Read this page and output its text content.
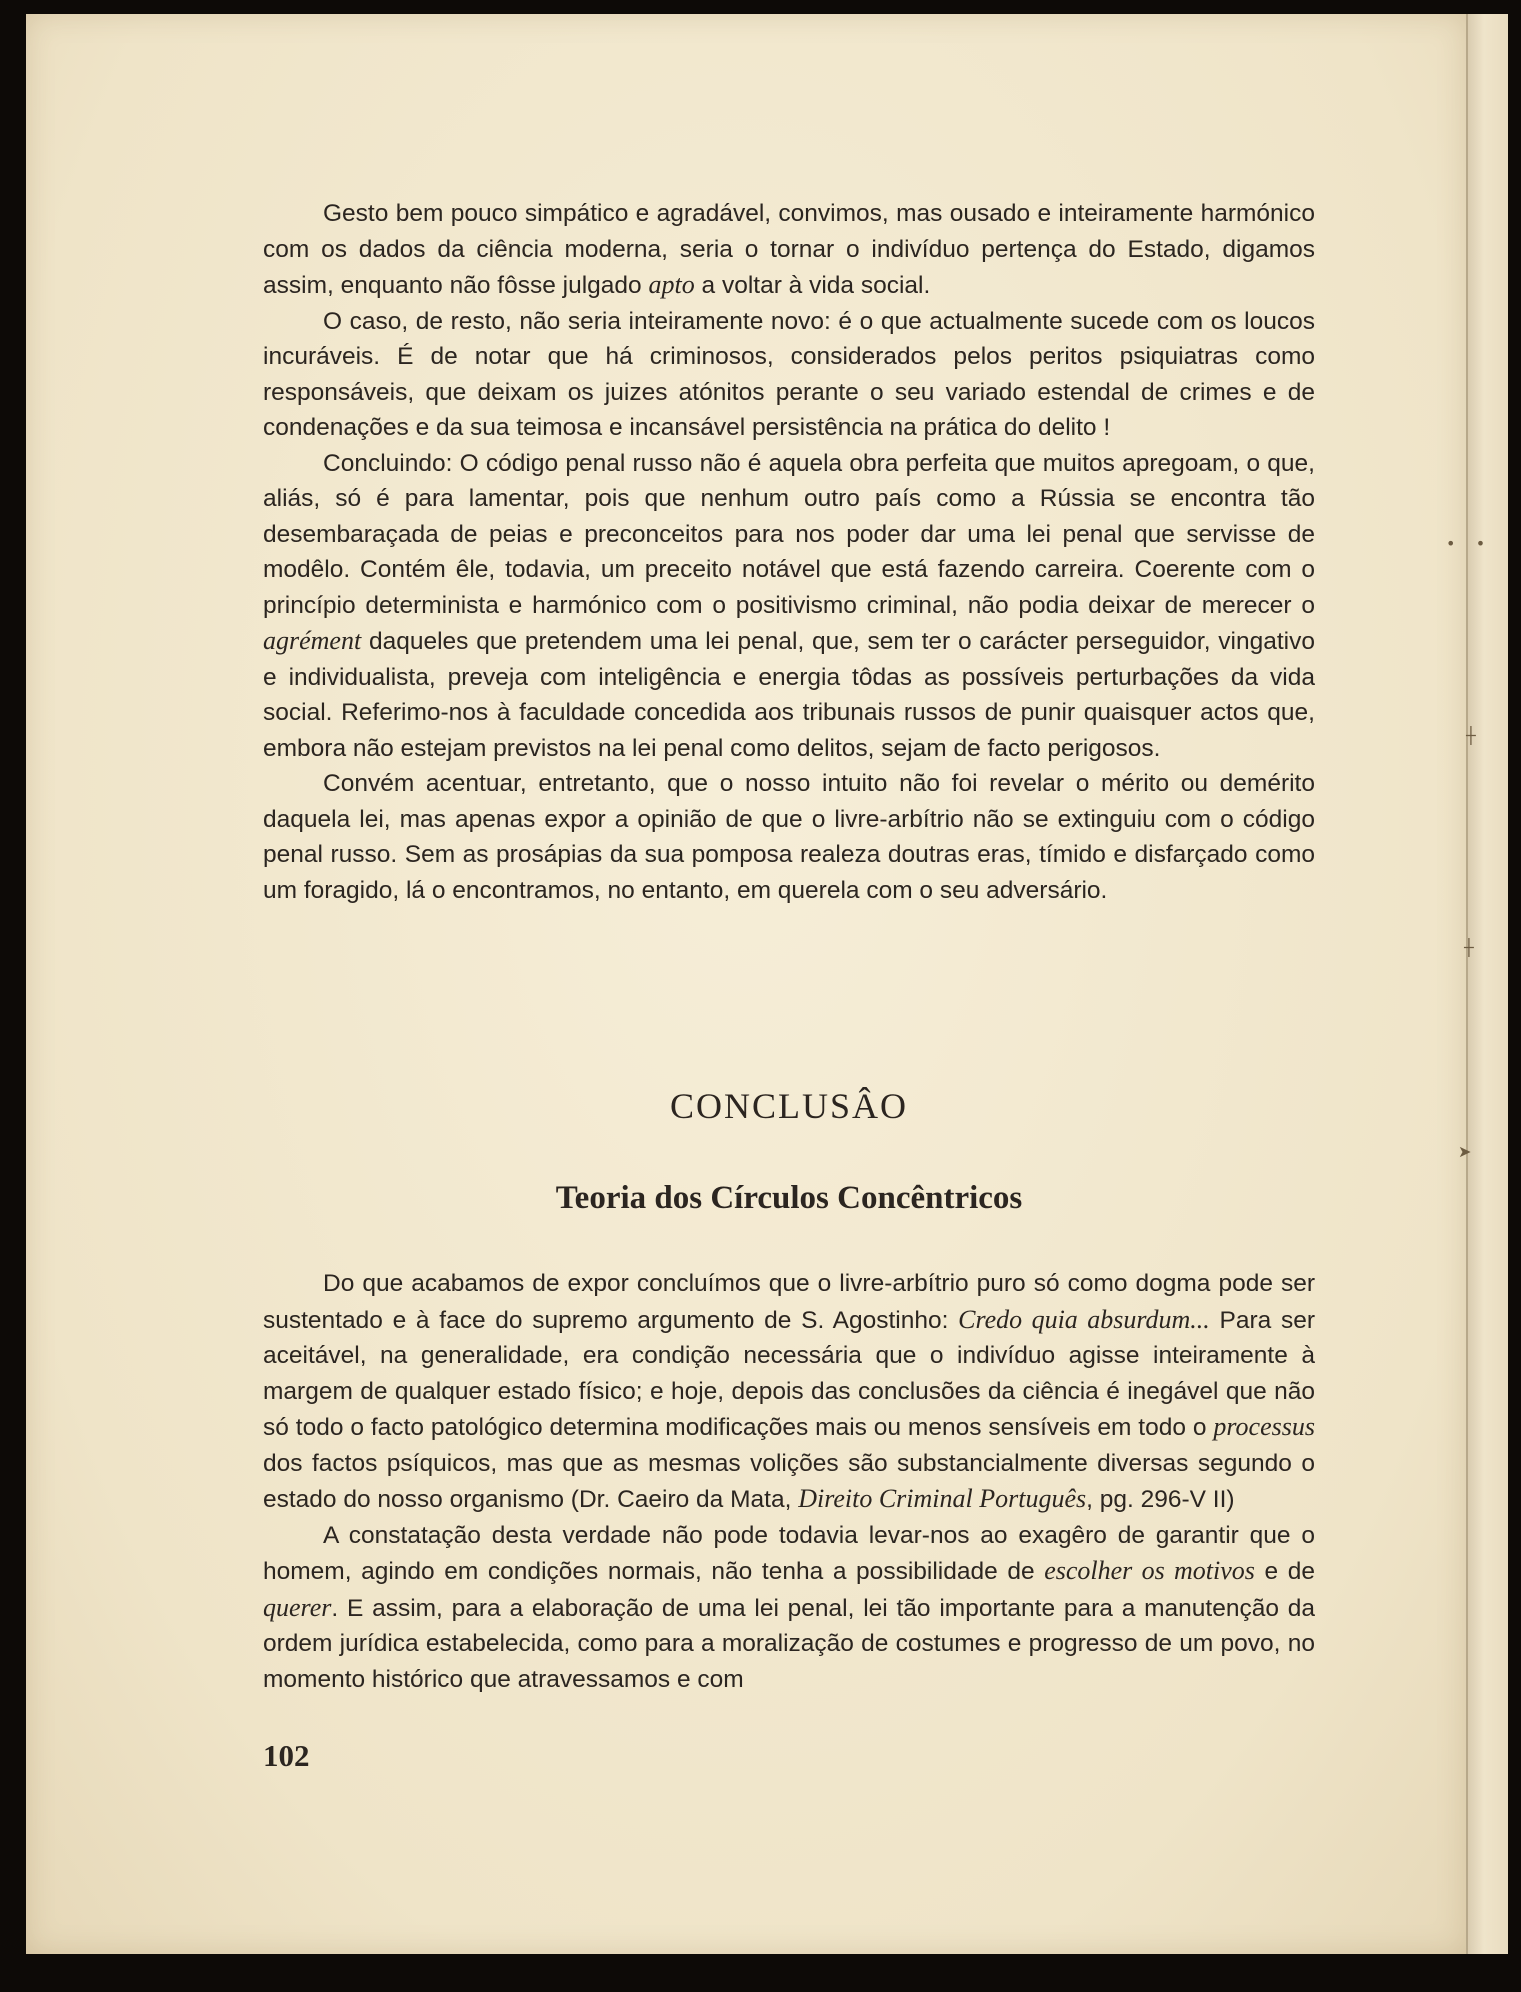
•    •
┼
┼
➤

Gesto bem pouco simpático e agradável, convimos, mas ousado e inteiramente harmónico com os dados da ciência moderna, seria o tornar o indivíduo pertença do Estado, digamos assim, enquanto não fôsse julgado apto a voltar à vida social.

O caso, de resto, não seria inteiramente novo: é o que actualmente sucede com os loucos incuráveis. É de notar que há criminosos, considerados pelos peritos psiquiatras como responsáveis, que deixam os juizes atónitos perante o seu variado estendal de crimes e de condenações e da sua teimosa e incansável persistência na prática do delito !

Concluindo: O código penal russo não é aquela obra perfeita que muitos apregoam, o que, aliás, só é para lamentar, pois que nenhum outro país como a Rússia se encontra tão desembaraçada de peias e preconceitos para nos poder dar uma lei penal que servisse de modêlo. Contém êle, todavia, um preceito notável que está fazendo carreira. Coerente com o princípio determinista e harmónico com o positivismo criminal, não podia deixar de merecer o agrément daqueles que pretendem uma lei penal, que, sem ter o carácter perseguidor, vingativo e individualista, preveja com inteligência e energia tôdas as possíveis perturbações da vida social. Referimo-nos à faculdade concedida aos tribunais russos de punir quaisquer actos que, embora não estejam previstos na lei penal como delitos, sejam de facto perigosos.

Convém acentuar, entretanto, que o nosso intuito não foi revelar o mérito ou demérito daquela lei, mas apenas expor a opinião de que o livre-arbítrio não se extinguiu com o código penal russo. Sem as prosápias da sua pomposa realeza doutras eras, tímido e disfarçado como um foragido, lá o encontramos, no entanto, em querela com o seu adversário.

CONCLUSÂO
Teoria dos Círculos Concêntricos

Do que acabamos de expor concluímos que o livre-arbítrio puro só como dogma pode ser sustentado e à face do supremo argumento de S. Agostinho: Credo quia absurdum... Para ser aceitável, na generalidade, era condição necessária que o indivíduo agisse inteiramente à margem de qualquer estado físico; e hoje, depois das conclusões da ciência é inegável que não só todo o facto patológico determina modificações mais ou menos sensíveis em todo o processus dos factos psíquicos, mas que as mesmas volições são substancialmente diversas segundo o estado do nosso organismo (Dr. Caeiro da Mata, Direito Criminal Português, pg. 296-V II)

A constatação desta verdade não pode todavia levar-nos ao exagêro de garantir que o homem, agindo em condições normais, não tenha a possibilidade de escolher os motivos e de querer. E assim, para a elaboração de uma lei penal, lei tão importante para a manutenção da ordem jurídica estabelecida, como para a moralização de costumes e progresso de um povo, no momento histórico que atravessamos e com

102
